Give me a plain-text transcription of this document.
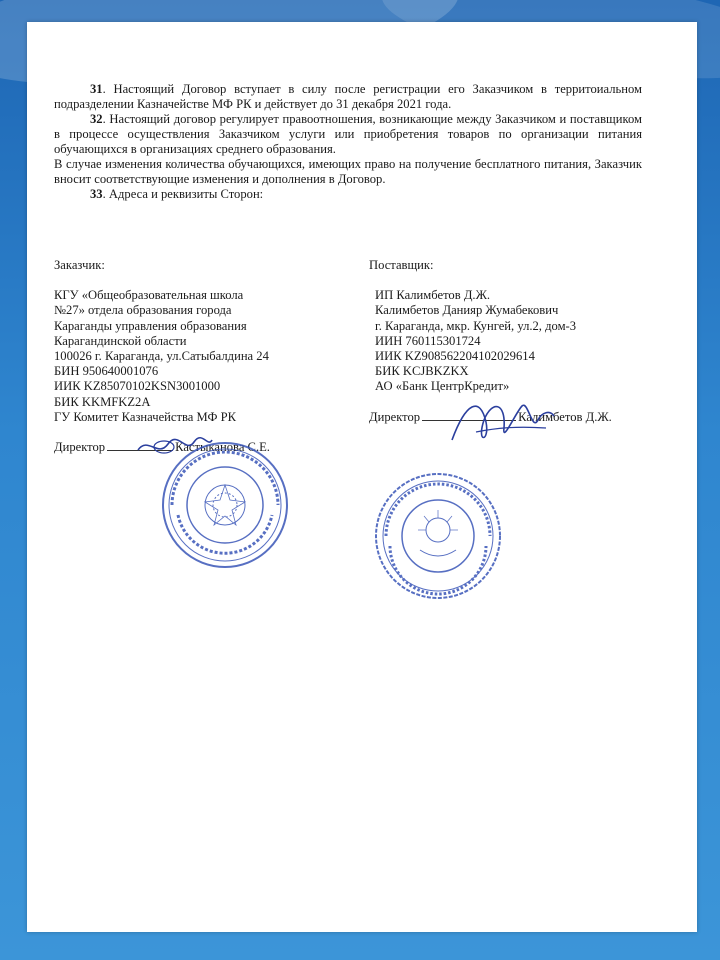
31. Настоящий Договор вступает в силу после регистрации его Заказчиком в территоиальном подразделении Казначействе МФ РК и действует до 31 декабря 2021 года.

32. Настоящий договор регулирует правоотношения, возникающие между Заказчиком и поставщиком в процессе осуществления Заказчиком услуги или приобретения товаров по организации питания обучающихся в организациях среднего образования.

В случае изменения количества обучающихся, имеющих право на получение бесплатного питания, Заказчик вносит соответствующие изменения и дополнения в Договор.

33. Адреса и реквизиты Сторон:

Заказчик:
КГУ «Общеобразовательная школа
№27» отдела образования города
Караганды управления образования
Карагандинской области
100026 г. Караганда, ул.Сатыбалдина 24
БИН 950640001076
ИИК KZ85070102KSN3001000
БИК KKMFKZ2A
ГУ Комитет Казначейства МФ РК
Директор	Кастыканова С.Е.
Поставщик:
ИП Калимбетов Д.Ж.
Калимбетов Данияр Жумабекович
г. Караганда, мкр. Кунгей, ул.2, дом-3
ИИН 760115301724
ИИК KZ908562204102029614
БИК KCJBKZKX
АО «Банк ЦентрКредит»
Директор	Калимбетов Д.Ж.
